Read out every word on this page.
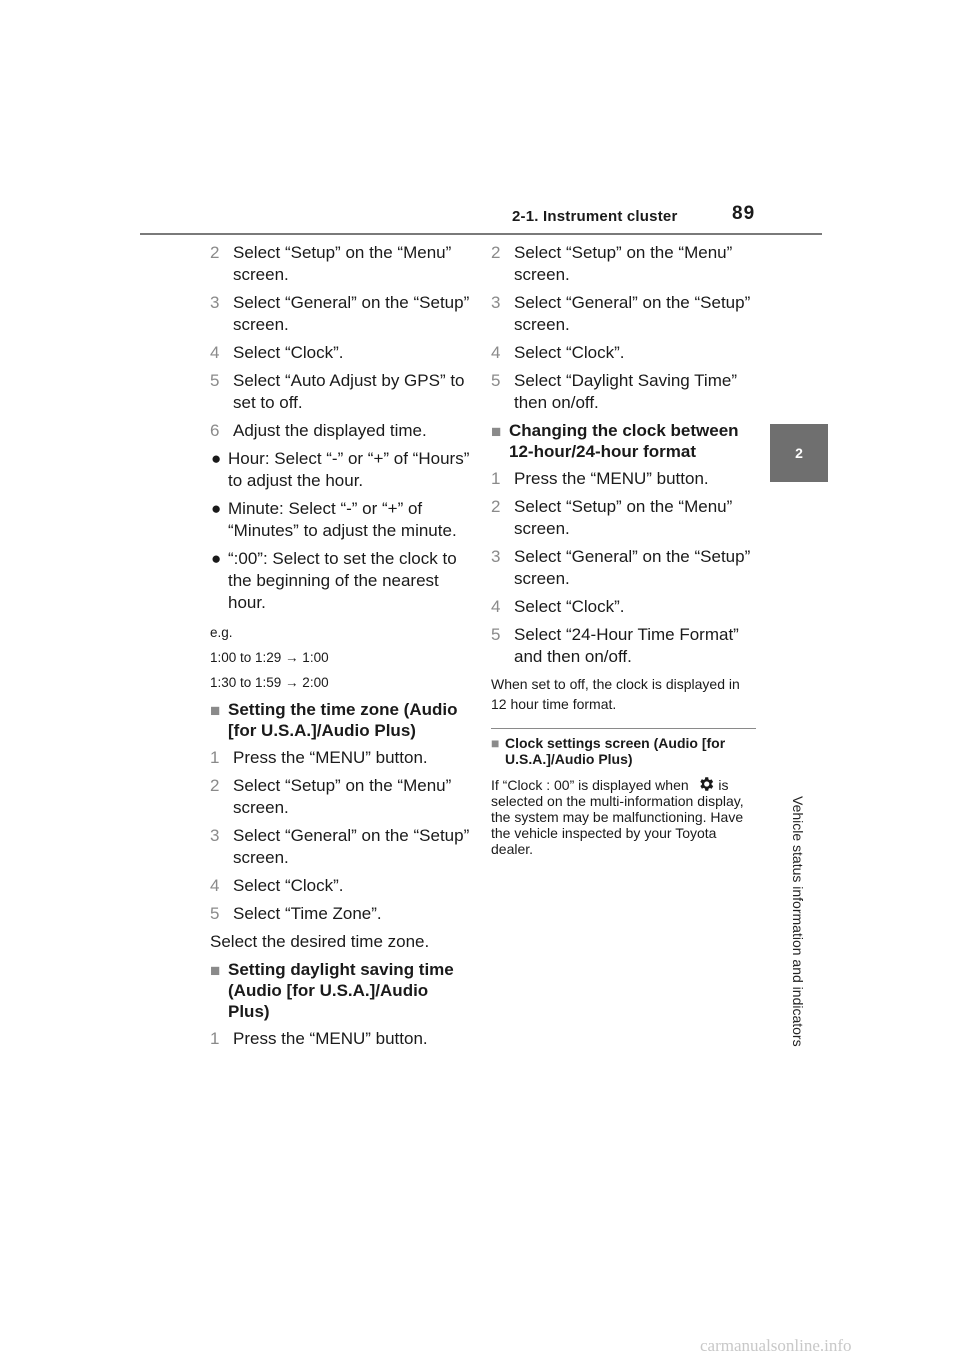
2-1. Instrument cluster	89
2
Vehicle status information and indicators
2 Select “Setup” on the “Menu” screen.
3 Select “General” on the “Setup” screen.
4 Select “Clock”.
5 Select “Auto Adjust by GPS” to set to off.
6 Adjust the displayed time.
● Hour: Select “-” or “+” of “Hours” to adjust the hour.
● Minute: Select “-” or “+” of “Minutes” to adjust the minute.
● “:00”: Select to set the clock to the beginning of the nearest hour.
e.g.
1:00 to 1:29 → 1:00
1:30 to 1:59 → 2:00
■ Setting the time zone (Audio [for U.S.A.]/Audio Plus)
1 Press the “MENU” button.
2 Select “Setup” on the “Menu” screen.
3 Select “General” on the “Setup” screen.
4 Select “Clock”.
5 Select “Time Zone”.
Select the desired time zone.
■ Setting daylight saving time (Audio [for U.S.A.]/Audio Plus)
1 Press the “MENU” button.
2 Select “Setup” on the “Menu” screen.
3 Select “General” on the “Setup” screen.
4 Select “Clock”.
5 Select “Daylight Saving Time” then on/off.
■ Changing the clock between 12-hour/24-hour format
1 Press the “MENU” button.
2 Select “Setup” on the “Menu” screen.
3 Select “General” on the “Setup” screen.
4 Select “Clock”.
5 Select “24-Hour Time Format” and then on/off.
When set to off, the clock is displayed in 12 hour time format.
■ Clock settings screen (Audio [for U.S.A.]/Audio Plus)
If “Clock : 00” is displayed when is selected on the multi-information display, the system may be malfunctioning. Have the vehicle inspected by your Toyota dealer.
carmanualsonline.info
